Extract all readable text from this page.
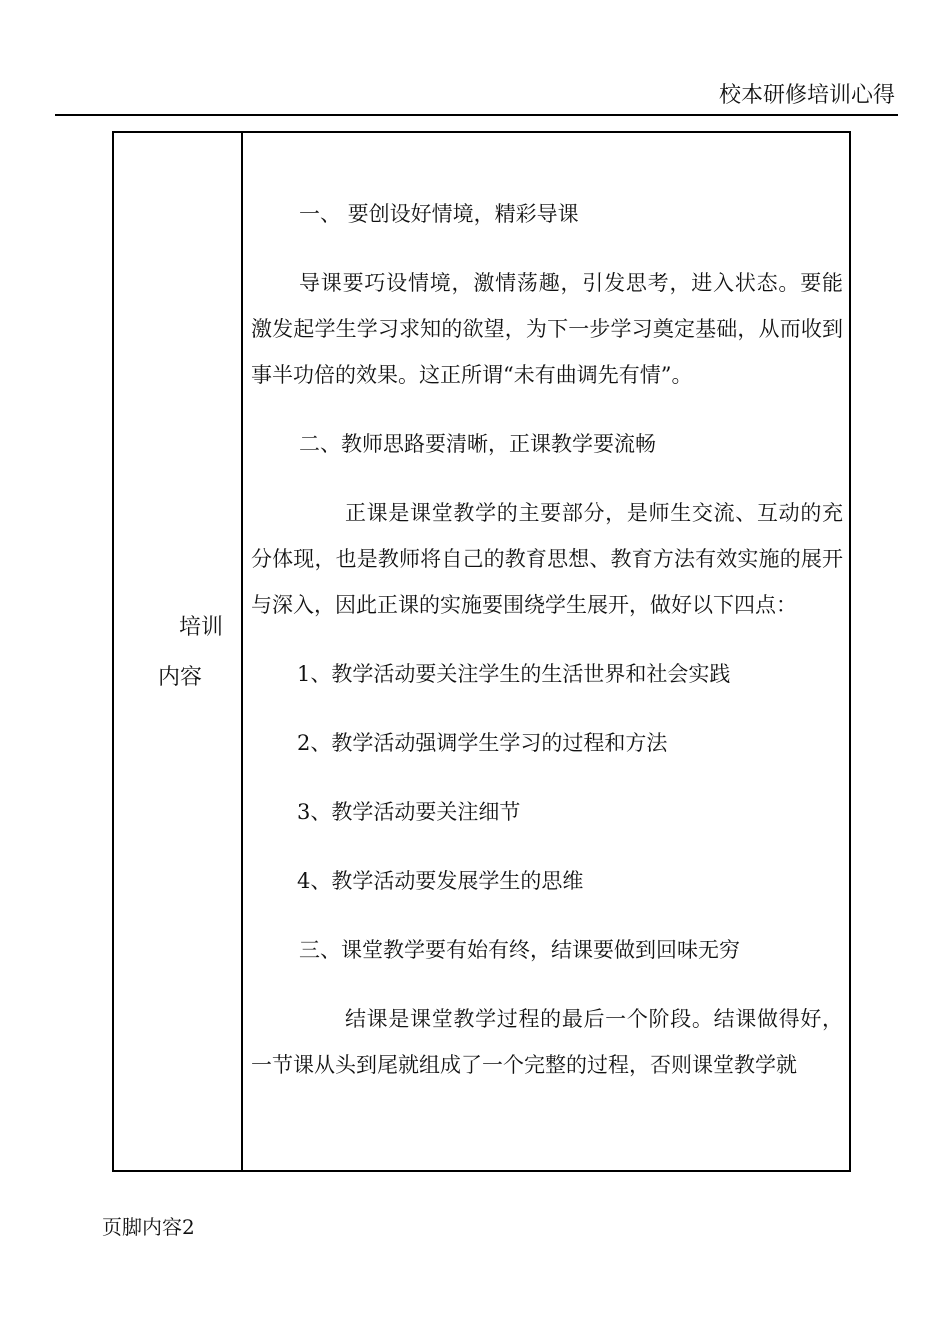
校本研修培训心得
培训
内容

一、 要创设好情境，精彩导课

导课要巧设情境，激情荡趣，引发思考，进入状态。要能激发起学生学习求知的欲望，为下一步学习奠定基础，从而收到事半功倍的效果。这正所谓“未有曲调先有情”。

二、教师思路要清晰，正课教学要流畅

正课是课堂教学的主要部分，是师生交流、互动的充分体现，也是教师将自己的教育思想、教育方法有效实施的展开与深入，因此正课的实施要围绕学生展开，做好以下四点：

1、教学活动要关注学生的生活世界和社会实践

2、教学活动强调学生学习的过程和方法

3、教学活动要关注细节

4、教学活动要发展学生的思维

三、课堂教学要有始有终，结课要做到回味无穷

结课是课堂教学过程的最后一个阶段。结课做得好，一节课从头到尾就组成了一个完整的过程，否则课堂教学就

页脚内容2
